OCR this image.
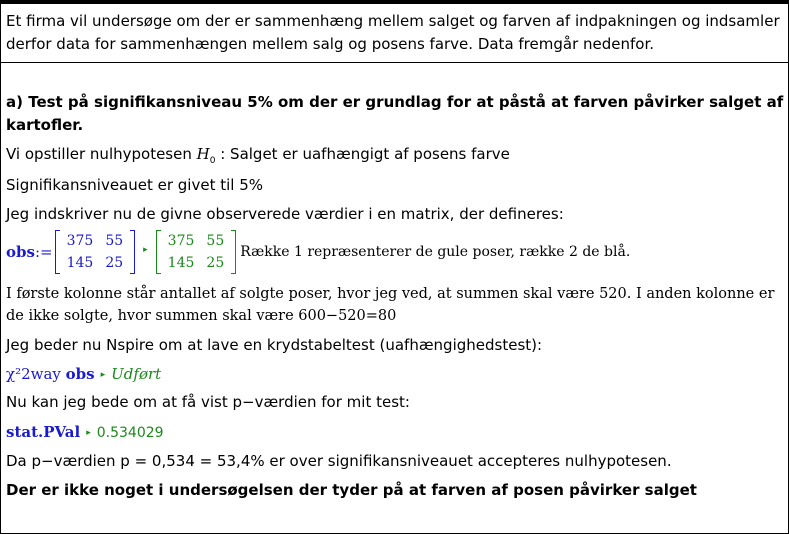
Et firma vil undersøge om der er sammenhæng mellem salget og farven af indpakningen og indsamler
derfor data for sammenhængen mellem salg og posens farve. Data fremgår nedenfor.
a) Test på signifikansniveau 5% om der er grundlag for at påstå at farven påvirker salget af
kartofler.
Vi opstiller nulhypotesen $H_0$ : Salget er uafhængigt af posens farve
Signifikansniveauet er givet til 5%
Jeg indskriver nu de givne observerede værdier i en matrix, der defineres:
obs :=
375	55
145	25
▸
375	55
145	25
Række 1 repræsenterer de gule poser, række 2 de blå.
I første kolonne står antallet af solgte poser, hvor jeg ved, at summen skal være 520. I anden kolonne er
de ikke solgte, hvor summen skal være 600−520=80
Jeg beder nu Nspire om at lave en krydstabeltest (uafhængighedstest):
χ²2way obs ▸ Udført
Nu kan jeg bede om at få vist p−værdien for mit test:
stat.PVal ▸ 0.534029
Da p−værdien p = 0,534 = 53,4% er over signifikansniveauet accepteres nulhypotesen.
Der er ikke noget i undersøgelsen der tyder på at farven af posen påvirker salget
